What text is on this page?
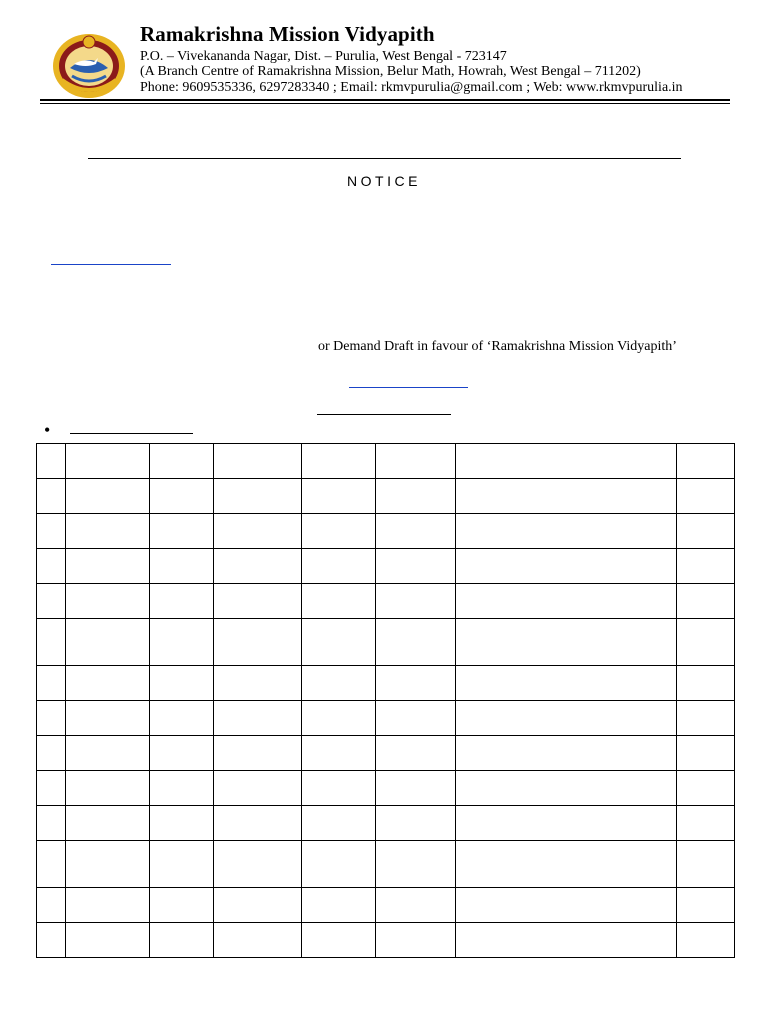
Ramakrishna Mission Vidyapith
P.O. – Vivekananda Nagar, Dist. – Purulia, West Bengal - 723147
(A Branch Centre of Ramakrishna Mission, Belur Math, Howrah, West Bengal – 711202)
Phone: 9609535336, 6297283340 ; Email: rkmvpurulia@gmail.com ; Web: www.rkmvpurulia.in
NOTICE
or Demand Draft in favour of ‘Ramakrishna Mission Vidyapith’
•
